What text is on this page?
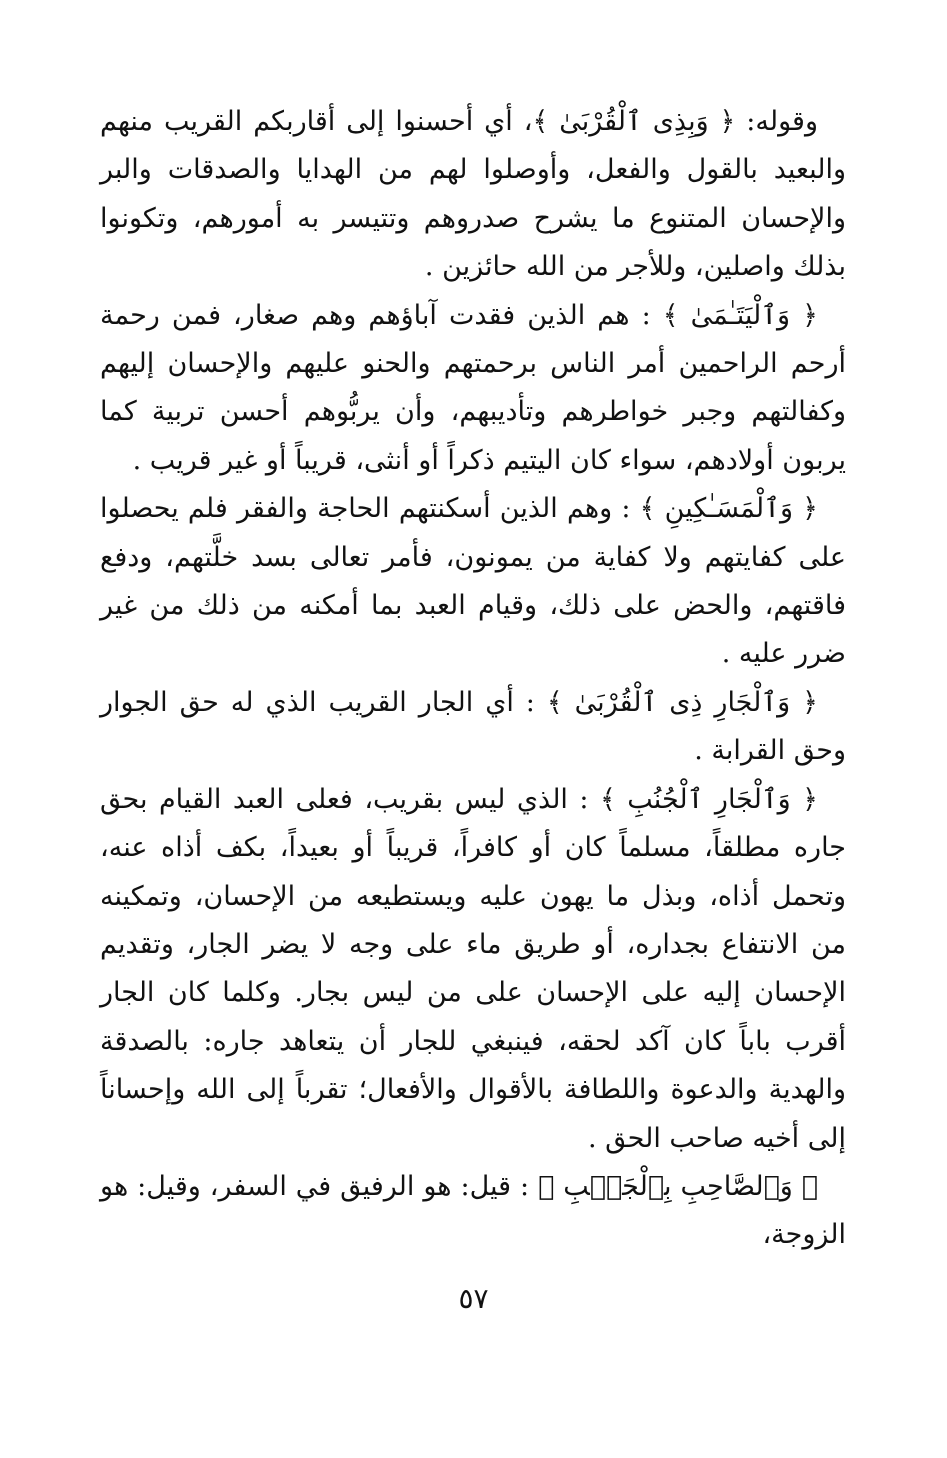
وقوله: ﴿ وَبِذِى ٱلْقُرْبَىٰ ﴾، أي أحسنوا إلى أقاربكم القريب منهم والبعيد بالقول والفعل، وأوصلوا لهم من الهدايا والصدقات والبر والإحسان المتنوع ما يشرح صدروهم وتتيسر به أمورهم، وتكونوا بذلك واصلين، وللأجر من الله حائزين .

﴿ وَٱلْيَتَـٰمَىٰ ﴾ : هم الذين فقدت آباؤهم وهم صغار، فمن رحمة أرحم الراحمين أمر الناس برحمتهم والحنو عليهم والإحسان إليهم وكفالتهم وجبر خواطرهم وتأديبهم، وأن يربُّوهم أحسن تربية كما يربون أولادهم، سواء كان اليتيم ذكراً أو أنثى، قريباً أو غير قريب .

﴿ وَٱلْمَسَـٰكِينِ ﴾ : وهم الذين أسكنتهم الحاجة والفقر فلم يحصلوا على كفايتهم ولا كفاية من يمونون، فأمر تعالى بسد خلَّتهم، ودفع فاقتهم، والحض على ذلك، وقيام العبد بما أمكنه من ذلك من غير ضرر عليه .

﴿ وَٱلْجَارِ ذِى ٱلْقُرْبَىٰ ﴾ : أي الجار القريب الذي له حق الجوار وحق القرابة .

﴿ وَٱلْجَارِ ٱلْجُنُبِ ﴾ : الذي ليس بقريب، فعلى العبد القيام بحق جاره مطلقاً، مسلماً كان أو كافراً، قريباً أو بعيداً، بكف أذاه عنه، وتحمل أذاه، وبذل ما يهون عليه ويستطيعه من الإحسان، وتمكينه من الانتفاع بجداره، أو طريق ماء على وجه لا يضر الجار، وتقديم الإحسان إليه على الإحسان على من ليس بجار. وكلما كان الجار أقرب باباً كان آكد لحقه، فينبغي للجار أن يتعاهد جاره: بالصدقة والهدية والدعوة واللطافة بالأقوال والأفعال؛ تقرباً إلى الله وإحساناً إلى أخيه صاحب الحق .

﴿ وَٱلصَّاحِبِ بِٱلْجَنۢبِ ﴾ : قيل: هو الرفيق في السفر، وقيل: هو الزوجة،

٥٧
